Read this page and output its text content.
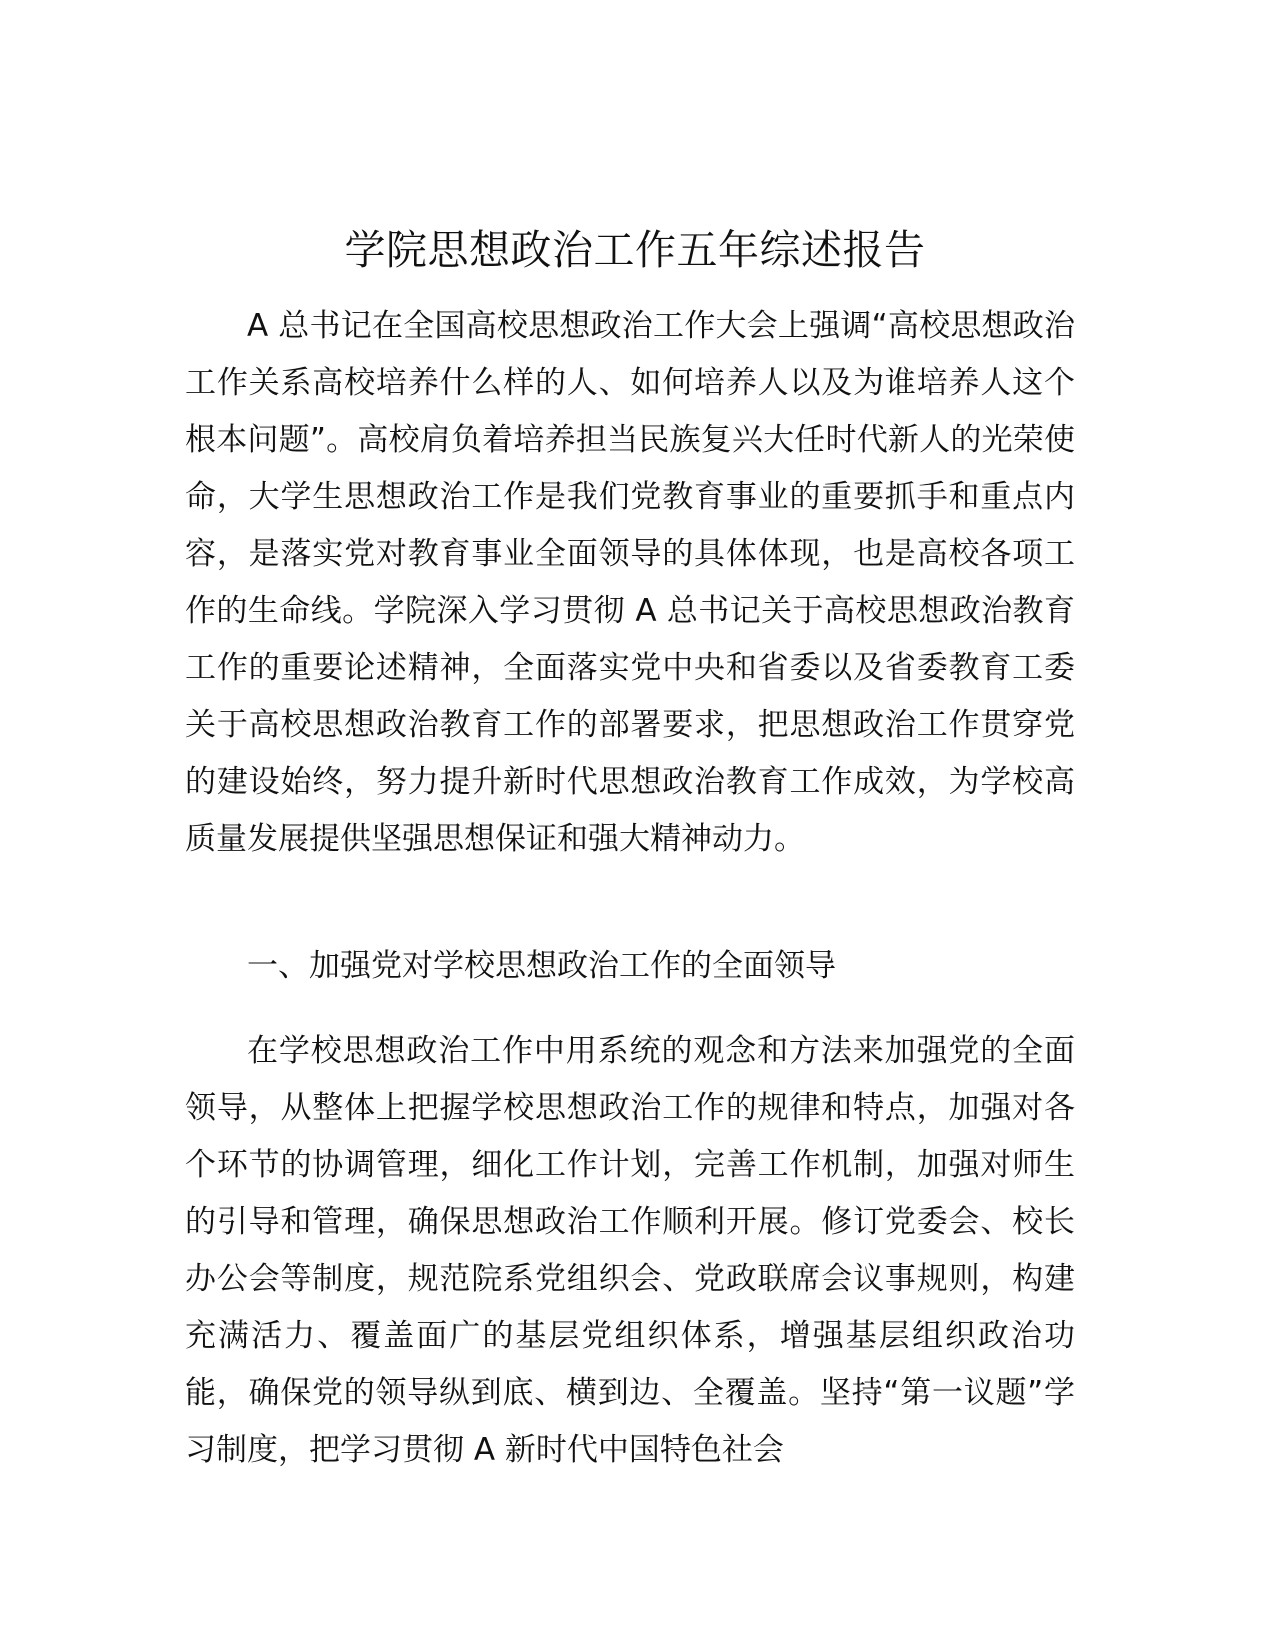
学院思想政治工作五年综述报告

A 总书记在全国高校思想政治工作大会上强调“高校思想政治工作关系高校培养什么样的人、如何培养人以及为谁培养人这个根本问题”。高校肩负着培养担当民族复兴大任时代新人的光荣使命，大学生思想政治工作是我们党教育事业的重要抓手和重点内容，是落实党对教育事业全面领导的具体体现，也是高校各项工作的生命线。学院深入学习贯彻 A 总书记关于高校思想政治教育工作的重要论述精神，全面落实党中央和省委以及省委教育工委关于高校思想政治教育工作的部署要求，把思想政治工作贯穿党的建设始终，努力提升新时代思想政治教育工作成效，为学校高质量发展提供坚强思想保证和强大精神动力。

一、加强党对学校思想政治工作的全面领导

在学校思想政治工作中用系统的观念和方法来加强党的全面领导，从整体上把握学校思想政治工作的规律和特点，加强对各个环节的协调管理，细化工作计划，完善工作机制，加强对师生的引导和管理，确保思想政治工作顺利开展。修订党委会、校长办公会等制度，规范院系党组织会、党政联席会议事规则，构建充满活力、覆盖面广的基层党组织体系，增强基层组织政治功能，确保党的领导纵到底、横到边、全覆盖。坚持“第一议题”学习制度，把学习贯彻 A 新时代中国特色社会
